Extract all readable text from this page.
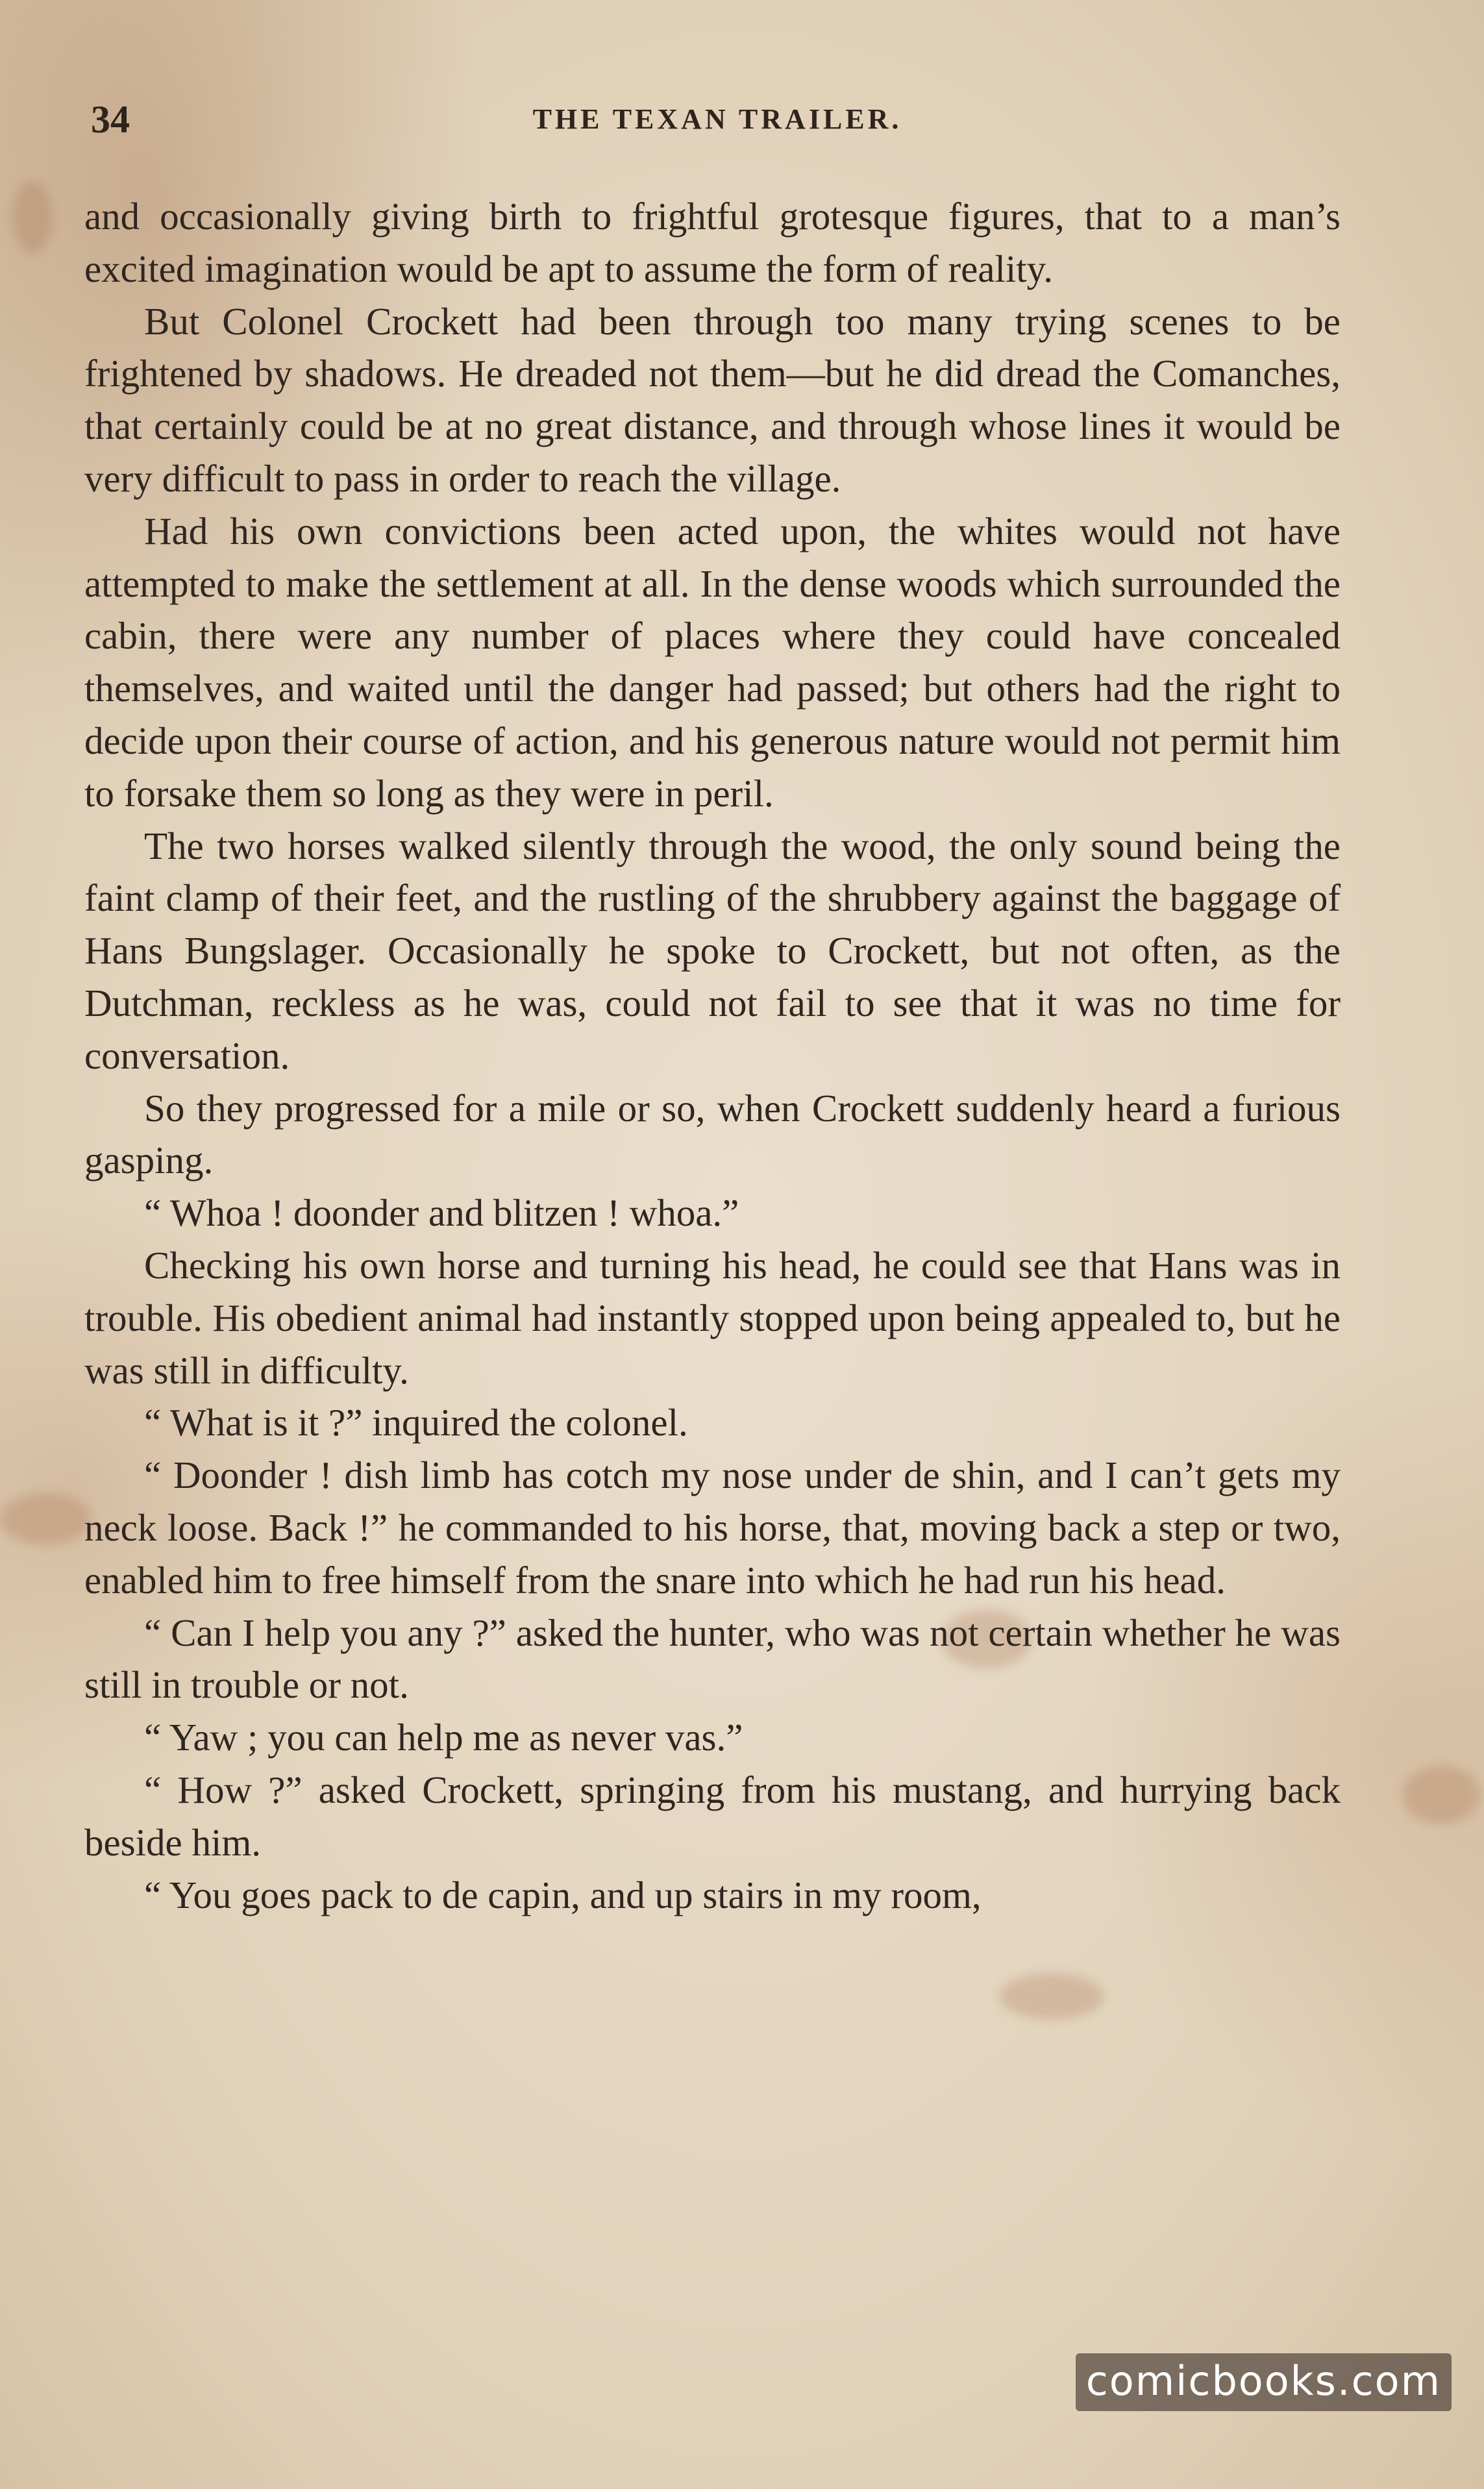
34	THE TEXAN TRAILER.

and occasionally giving birth to frightful grotesque figures, that to a man’s excited imagination would be apt to assume the form of reality.

But Colonel Crockett had been through too many trying scenes to be frightened by shadows. He dreaded not them—but he did dread the Comanches, that certainly could be at no great distance, and through whose lines it would be very difficult to pass in order to reach the village.

Had his own convictions been acted upon, the whites would not have attempted to make the settlement at all. In the dense woods which surrounded the cabin, there were any number of places where they could have concealed themselves, and waited until the danger had passed; but others had the right to decide upon their course of action, and his generous nature would not permit him to forsake them so long as they were in peril.

The two horses walked silently through the wood, the only sound being the faint clamp of their feet, and the rustling of the shrubbery against the baggage of Hans Bungslager. Occasionally he spoke to Crockett, but not often, as the Dutchman, reckless as he was, could not fail to see that it was no time for conversation.

So they progressed for a mile or so, when Crockett suddenly heard a furious gasping.

“ Whoa ! doonder and blitzen ! whoa.”

Checking his own horse and turning his head, he could see that Hans was in trouble. His obedient animal had instantly stopped upon being appealed to, but he was still in difficulty.

“ What is it ?” inquired the colonel.

“ Doonder ! dish limb has cotch my nose under de shin, and I can’t gets my neck loose. Back !” he commanded to his horse, that, moving back a step or two, enabled him to free himself from the snare into which he had run his head.

“ Can I help you any ?” asked the hunter, who was not certain whether he was still in trouble or not.

“ Yaw ; you can help me as never vas.”

“ How ?” asked Crockett, springing from his mustang, and hurrying back beside him.

“ You goes pack to de capin, and up stairs in my room,

comicbooks.com
